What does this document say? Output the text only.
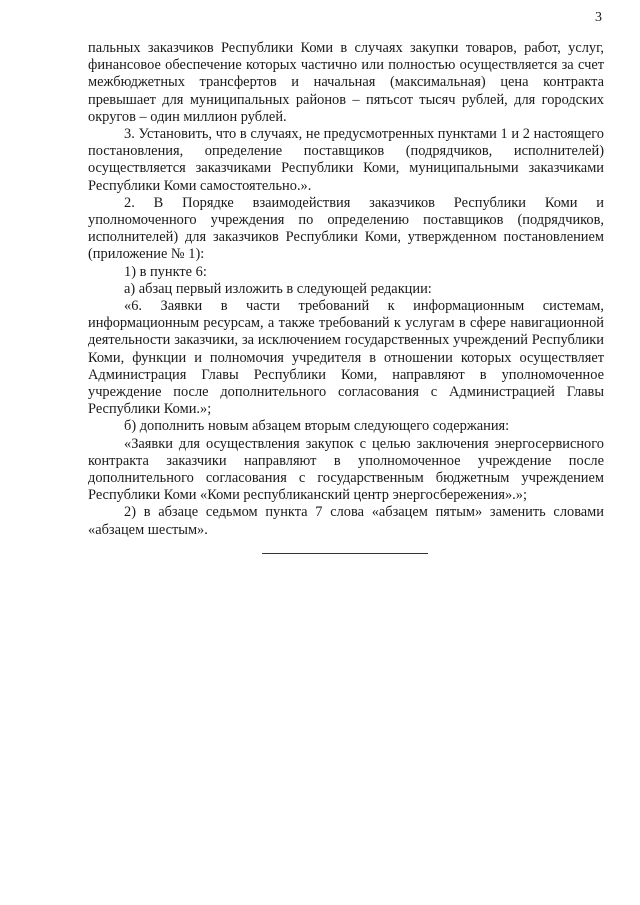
3

пальных заказчиков Республики Коми в случаях закупки товаров, работ, услуг, финансовое обеспечение которых частично или полностью осуществляется за счет межбюджетных трансфертов и начальная (максимальная) цена контракта превышает для муниципальных районов – пятьсот тысяч рублей, для городских округов – один миллион рублей.

3. Установить, что в случаях, не предусмотренных пунктами 1 и 2 настоящего постановления, определение поставщиков (подрядчиков, исполнителей) осуществляется заказчиками Республики Коми, муниципальными заказчиками Республики Коми самостоятельно.».

2. В Порядке взаимодействия заказчиков Республики Коми и уполномоченного учреждения по определению поставщиков (подрядчиков, исполнителей) для заказчиков Республики Коми, утвержденном постановлением (приложение № 1):

1) в пункте 6:

а) абзац первый изложить в следующей редакции:

«6. Заявки в части требований к информационным системам, информационным ресурсам, а также требований к услугам в сфере навигационной деятельности заказчики, за исключением государственных учреждений Республики Коми, функции и полномочия учредителя в отношении которых осуществляет Администрация Главы Республики Коми, направляют в уполномоченное учреждение после дополнительного согласования с Администрацией Главы Республики Коми.»;

б) дополнить новым абзацем вторым следующего содержания:

«Заявки для осуществления закупок с целью заключения энергосервисного контракта заказчики направляют в уполномоченное учреждение после дополнительного согласования с государственным бюджетным учреждением Республики Коми «Коми республиканский центр энергосбережения».»;

2) в абзаце седьмом пункта 7 слова «абзацем пятым» заменить словами «абзацем шестым».
